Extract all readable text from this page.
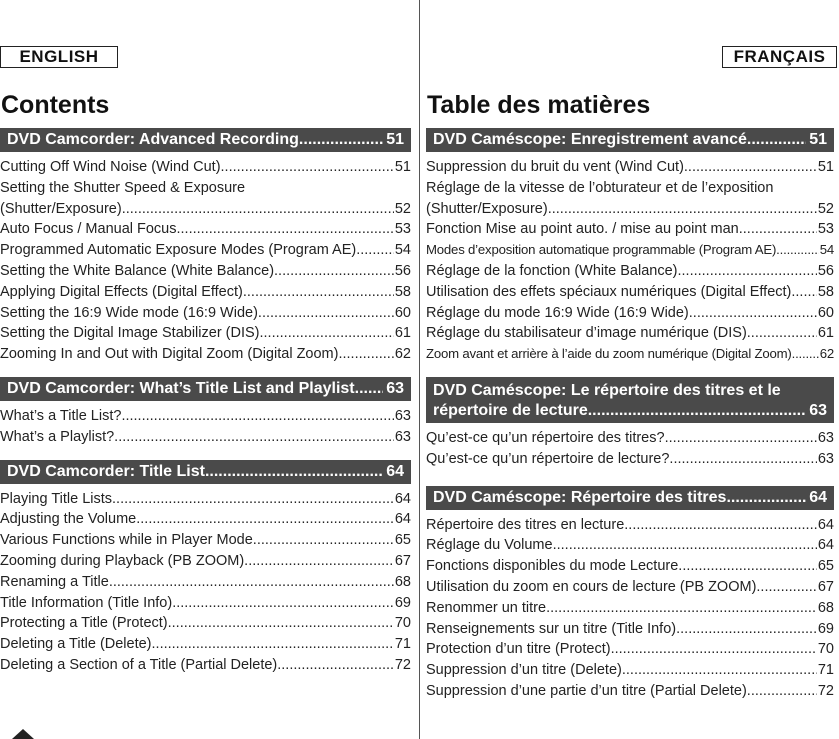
ENGLISH	FRANÇAIS
Contents	Table des matières
DVD Camcorder: Advanced Recording .....	51
Cutting Off Wind Noise (Wind Cut) .....	51
Setting the Shutter Speed & Exposure
(Shutter/Exposure) .....	52
Auto Focus / Manual Focus .....	53
Programmed Automatic Exposure Modes (Program AE) .....	54
Setting the White Balance (White Balance) .....	56
Applying Digital Effects (Digital Effect) .....	58
Setting the 16:9 Wide mode (16:9 Wide) .....	60
Setting the Digital Image Stabilizer (DIS) .....	61
Zooming In and Out with Digital Zoom (Digital Zoom) .....	62
DVD Camcorder: What’s Title List and Playlist ..... 63
What’s a Title List? .....	63
What’s a Playlist? .....	63
DVD Camcorder: Title List .....	64
Playing Title Lists .....	64
Adjusting the Volume .....	64
Various Functions while in Player Mode .....	65
Zooming during Playback (PB ZOOM) .....	67
Renaming a Title .....	68
Title Information (Title Info) .....	69
Protecting a Title (Protect) .....	70
Deleting a Title (Delete) .....	71
Deleting a Section of a Title (Partial Delete) .....	72
DVD Caméscope: Enregistrement avancé .....	51
Suppression du bruit du vent (Wind Cut) .....	51
Réglage de la vitesse de l’obturateur et de l’exposition
(Shutter/Exposure) .....	52
Fonction Mise au point auto. / mise au point man.. .....	53
Modes d’exposition automatique programmable (Program AE) .....	54
Réglage de la fonction (White Balance) .....	56
Utilisation des effets spéciaux numériques (Digital Effect) ..... 58
Réglage du mode 16:9 Wide (16:9 Wide) .....	60
Réglage du stabilisateur d’image numérique (DIS) .....	61
Zoom avant et arrière à l’aide du zoom numérique (Digital Zoom) ..... 62
DVD Caméscope: Le répertoire des titres et le
répertoire de lecture .....	63
Qu’est-ce qu’un répertoire des titres? .....	63
Qu’est-ce qu’un répertoire de lecture? .....	63
DVD Caméscope: Répertoire des titres .....	64
Répertoire des titres en lecture .....	64
Réglage du Volume .....	64
Fonctions disponibles du mode Lecture .....	65
Utilisation du zoom en cours de lecture (PB ZOOM) .....	67
Renommer un titre .....	68
Renseignements sur un titre (Title Info) .....	69
Protection d’un titre (Protect) .....	70
Suppression d’un titre (Delete) .....	71
Suppression d’une partie d’un titre (Partial Delete) .....	72
